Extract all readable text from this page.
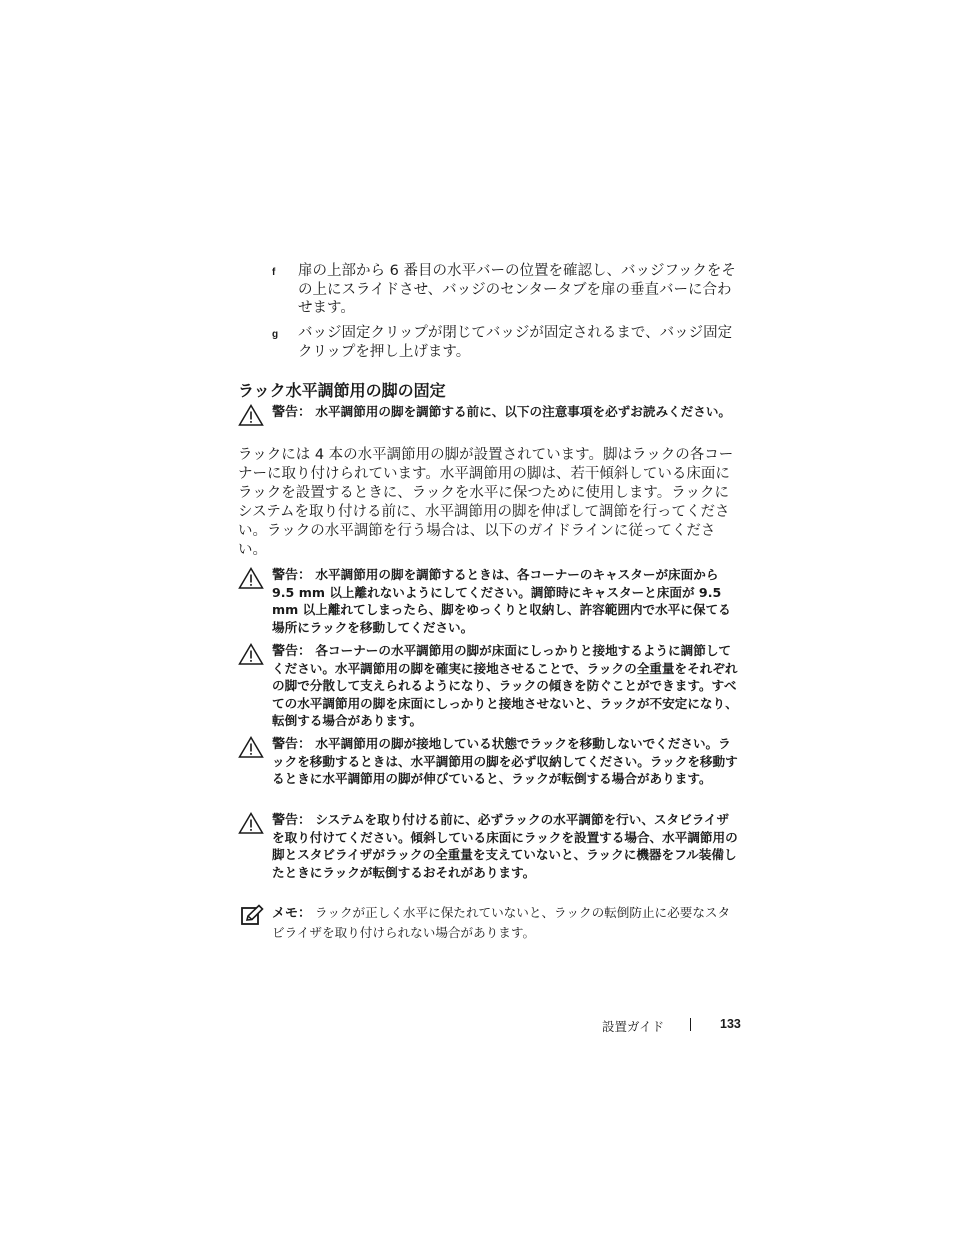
f 扉の上部から 6 番目の水平バーの位置を確認し、バッジフックをその上にスライドさせ、バッジのセンタータブを扉の垂直バーに合わせます。
g バッジ固定クリップが閉じてバッジが固定されるまで、バッジ固定クリップを押し上げます。
ラック水平調節用の脚の固定
警告： 水平調節用の脚を調節する前に、以下の注意事項を必ずお読みください。
ラックには 4 本の水平調節用の脚が設置されています。脚はラックの各コーナーに取り付けられています。水平調節用の脚は、若干傾斜している床面にラックを設置するときに、ラックを水平に保つために使用します。ラックにシステムを取り付ける前に、水平調節用の脚を伸ばして調節を行ってください。ラックの水平調節を行う場合は、以下のガイドラインに従ってください。
警告： 水平調節用の脚を調節するときは、各コーナーのキャスターが床面から 9.5 mm 以上離れないようにしてください。調節時にキャスターと床面が 9.5 mm 以上離れてしまったら、脚をゆっくりと収納し、許容範囲内で水平に保てる場所にラックを移動してください。
警告： 各コーナーの水平調節用の脚が床面にしっかりと接地するように調節してください。水平調節用の脚を確実に接地させることで、ラックの全重量をそれぞれの脚で分散して支えられるようになり、ラックの傾きを防ぐことができます。すべての水平調節用の脚を床面にしっかりと接地させないと、ラックが不安定になり、転倒する場合があります。
警告： 水平調節用の脚が接地している状態でラックを移動しないでください。ラックを移動するときは、水平調節用の脚を必ず収納してください。ラックを移動するときに水平調節用の脚が伸びていると、ラックが転倒する場合があります。
警告： システムを取り付ける前に、必ずラックの水平調節を行い、スタビライザを取り付けてください。傾斜している床面にラックを設置する場合、水平調節用の脚とスタビライザがラックの全重量を支えていないと、ラックに機器をフル装備したときにラックが転倒するおそれがあります。
メモ： ラックが正しく水平に保たれていないと、ラックの転倒防止に必要なスタビライザを取り付けられない場合があります。
設置ガイド	133
